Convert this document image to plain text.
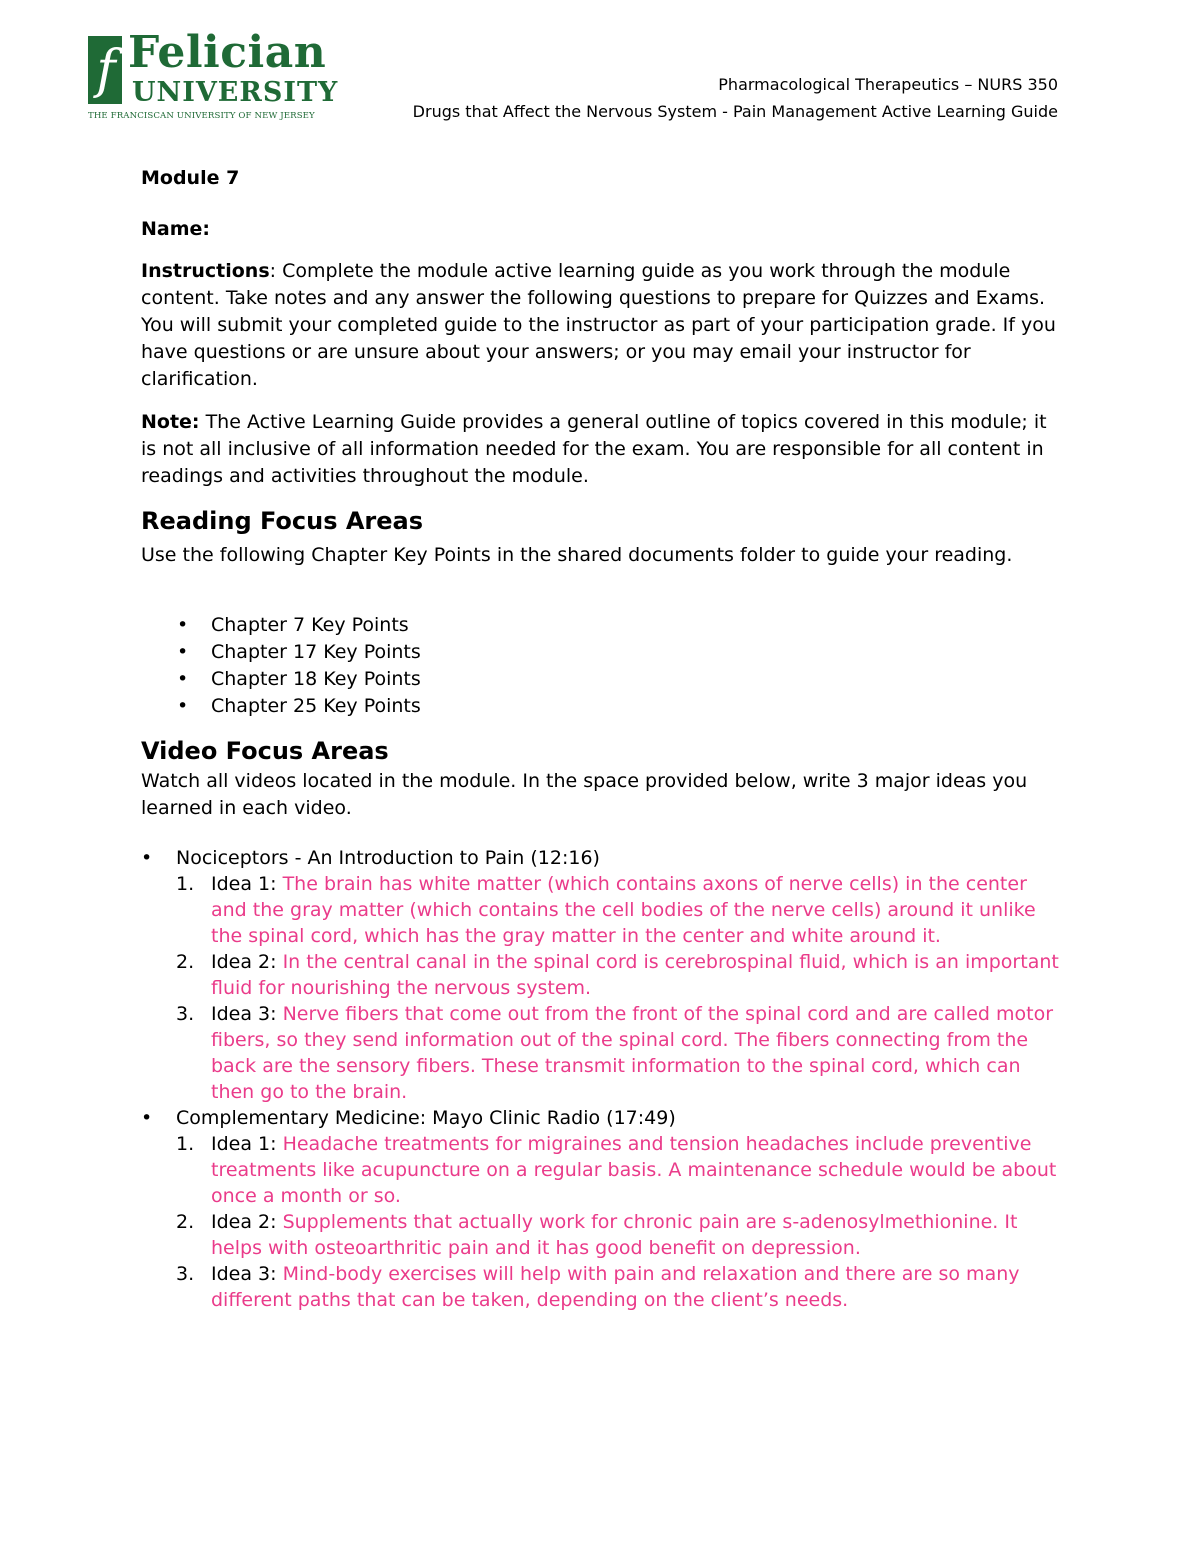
f Felician
UNIVERSITY
THE FRANCISCAN UNIVERSITY OF NEW JERSEY
Pharmacological Therapeutics – NURS 350
Drugs that Affect the Nervous System - Pain Management Active Learning Guide
Module 7
Name:
Instructions: Complete the module active learning guide as you work through the module content. Take notes and any answer the following questions to prepare for Quizzes and Exams. You will submit your completed guide to the instructor as part of your participation grade. If you have questions or are unsure about your answers; or you may email your instructor for clarification.
Note: The Active Learning Guide provides a general outline of topics covered in this module; it is not all inclusive of all information needed for the exam. You are responsible for all content in readings and activities throughout the module.
Reading Focus Areas
Use the following Chapter Key Points in the shared documents folder to guide your reading.
• Chapter 7 Key Points
• Chapter 17 Key Points
• Chapter 18 Key Points
• Chapter 25 Key Points
Video Focus Areas
Watch all videos located in the module. In the space provided below, write 3 major ideas you learned in each video.
• Nociceptors - An Introduction to Pain (12:16)
1. Idea 1: The brain has white matter (which contains axons of nerve cells) in the center and the gray matter (which contains the cell bodies of the nerve cells) around it unlike the spinal cord, which has the gray matter in the center and white around it.
2. Idea 2: In the central canal in the spinal cord is cerebrospinal fluid, which is an important fluid for nourishing the nervous system.
3. Idea 3: Nerve fibers that come out from the front of the spinal cord and are called motor fibers, so they send information out of the spinal cord. The fibers connecting from the back are the sensory fibers. These transmit information to the spinal cord, which can then go to the brain.
• Complementary Medicine: Mayo Clinic Radio (17:49)
1. Idea 1: Headache treatments for migraines and tension headaches include preventive treatments like acupuncture on a regular basis. A maintenance schedule would be about once a month or so.
2. Idea 2: Supplements that actually work for chronic pain are s-adenosylmethionine. It helps with osteoarthritic pain and it has good benefit on depression.
3. Idea 3: Mind-body exercises will help with pain and relaxation and there are so many different paths that can be taken, depending on the client’s needs.
